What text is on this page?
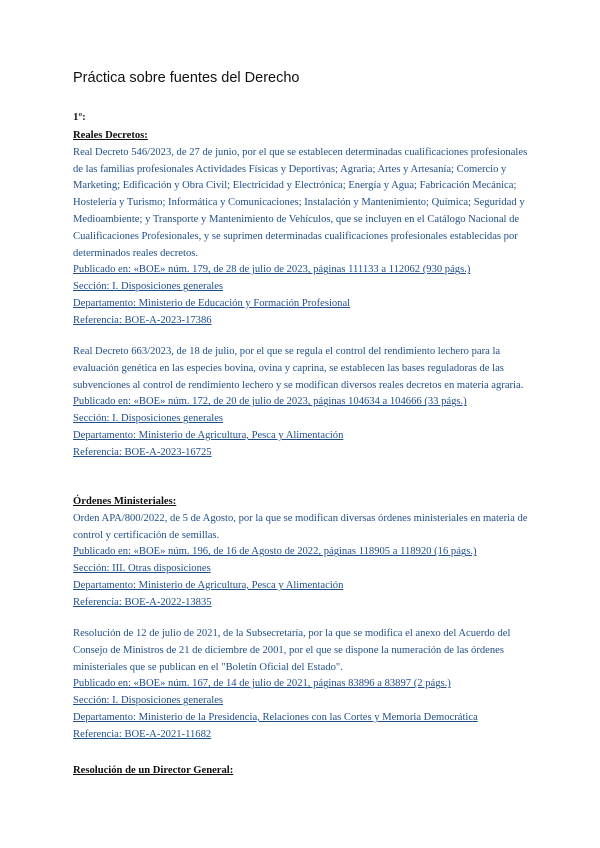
Práctica sobre fuentes del Derecho
1º:
Reales Decretos:
Real Decreto 546/2023, de 27 de junio, por el que se establecen determinadas cualificaciones profesionales de las familias profesionales Actividades Físicas y Deportivas; Agraria; Artes y Artesanía; Comercio y Marketing; Edificación y Obra Civil; Electricidad y Electrónica; Energía y Agua; Fabricación Mecánica; Hostelería y Turismo; Informática y Comunicaciones; Instalación y Mantenimiento; Química; Seguridad y Medioambiente; y Transporte y Mantenimiento de Vehículos, que se incluyen en el Catálogo Nacional de Cualificaciones Profesionales, y se suprimen determinadas cualificaciones profesionales establecidas por determinados reales decretos.
Publicado en: «BOE» núm. 179, de 28 de julio de 2023, páginas 111133 a 112062 (930 págs.)
Sección: I. Disposiciones generales
Departamento: Ministerio de Educación y Formación Profesional
Referencia: BOE-A-2023-17386
Real Decreto 663/2023, de 18 de julio, por el que se regula el control del rendimiento lechero para la evaluación genética en las especies bovina, ovina y caprina, se establecen las bases reguladoras de las subvenciones al control de rendimiento lechero y se modifican diversos reales decretos en materia agraria.
Publicado en: «BOE» núm. 172, de 20 de julio de 2023, páginas 104634 a 104666 (33 págs.)
Sección: I. Disposiciones generales
Departamento: Ministerio de Agricultura, Pesca y Alimentación
Referencia: BOE-A-2023-16725
Órdenes Ministeriales:
Orden APA/800/2022, de 5 de Agosto, por la que se modifican diversas órdenes ministeriales en materia de control y certificación de semillas.
Publicado en: «BOE» núm. 196, de 16 de Agosto de 2022, páginas 118905 a 118920 (16 págs.)
Sección: III. Otras disposiciones
Departamento: Ministerio de Agricultura, Pesca y Alimentación
Referencia: BOE-A-2022-13835
Resolución de 12 de julio de 2021, de la Subsecretaría, por la que se modifica el anexo del Acuerdo del Consejo de Ministros de 21 de diciembre de 2001, por el que se dispone la numeración de las órdenes ministeriales que se publican en el "Boletín Oficial del Estado".
Publicado en: «BOE» núm. 167, de 14 de julio de 2021, páginas 83896 a 83897 (2 págs.)
Sección: I. Disposiciones generales
Departamento: Ministerio de la Presidencia, Relaciones con las Cortes y Memoria Democrática
Referencia: BOE-A-2021-11682
Resolución de un Director General:
